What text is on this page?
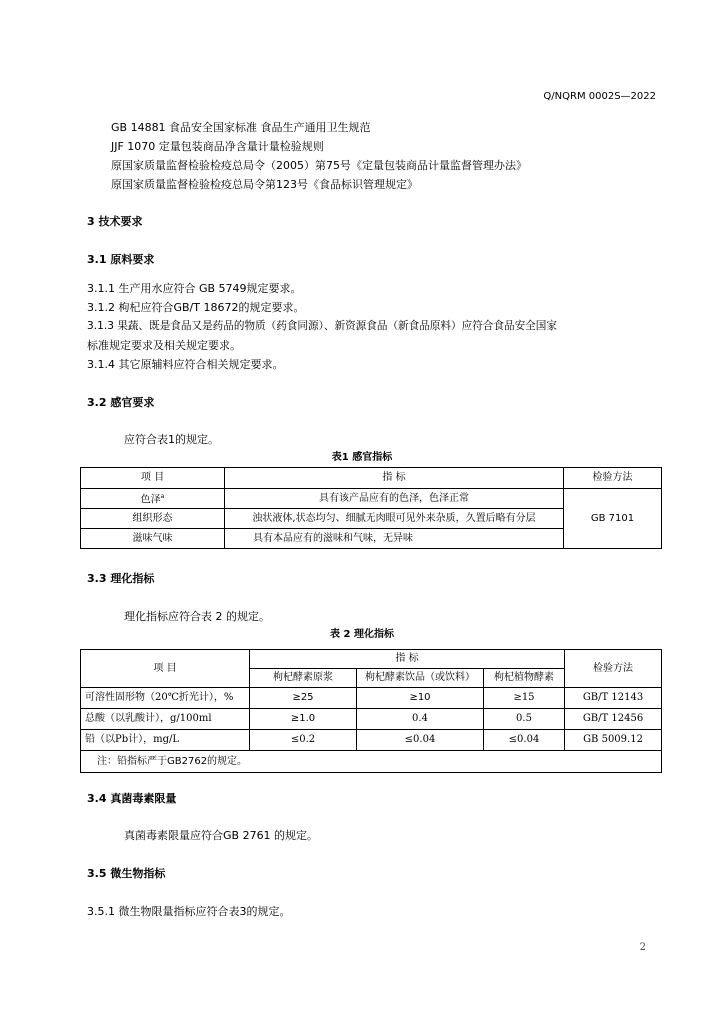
Q/NQRM 0002S—2022
GB 14881 食品安全国家标准 食品生产通用卫生规范
JJF 1070 定量包装商品净含量计量检验规则
原国家质量监督检验检疫总局令（2005）第75号《定量包装商品计量监督管理办法》
原国家质量监督检验检疫总局令第123号《食品标识管理规定》
3 技术要求
3.1 原料要求
3.1.1 生产用水应符合 GB 5749规定要求。
3.1.2 枸杞应符合GB/T 18672的规定要求。
3.1.3 果蔬、既是食品又是药品的物质（药食同源）、新资源食品（新食品原料）应符合食品安全国家
标准规定要求及相关规定要求。
3.1.4 其它原辅料应符合相关规定要求。
3.2 感官要求
应符合表1的规定。
表1 感官指标
项 目	指 标	检验方法
色泽$^a$	具有该产品应有的色泽，色泽正常	GB 7101
组织形态	浊状液体,状态均匀、细腻无肉眼可见外来杂质，久置后略有分层	
滋味气味	具有本品应有的滋味和气味，无异味	
3.3 理化指标
理化指标应符合表 2 的规定。
表 2 理化指标
项 目	指 标			检验方法
	枸杞酵素原浆	枸杞酵素饮品（或饮料）	枸杞植物酵素	
可溶性固形物（20℃折光计），%	≥25	≥10	≥15	GB/T 12143
总酸（以乳酸计），g/100ml	≥1.0	0.4	0.5	GB/T 12456
铅（以Pb计），mg/L	≤0.2	≤0.04	≤0.04	GB 5009.12
注：铅指标严于GB2762的规定。				
3.4 真菌毒素限量
真菌毒素限量应符合GB 2761 的规定。
3.5 微生物指标
3.5.1 微生物限量指标应符合表3的规定。
2
